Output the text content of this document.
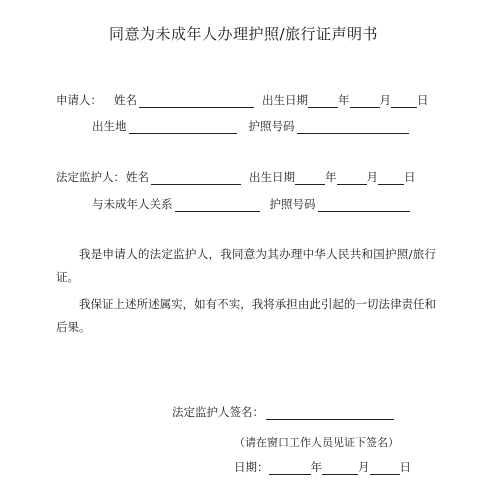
同意为未成年人办理护照/旅行证声明书
申请人： 姓名	出生日期	年	月 日
出生地	护照号码
法定监护人：姓名	出生日期	年	月 日
与未成年人关系	护照号码
我是申请人的法定监护人，我同意为其办理中华人民共和国护照/旅行证。
我保证上述所述属实，如有不实，我将承担由此引起的一切法律责任和后果。
法定监护人签名：
（请在窗口工作人员见证下签名）
日期：	年	月	日
